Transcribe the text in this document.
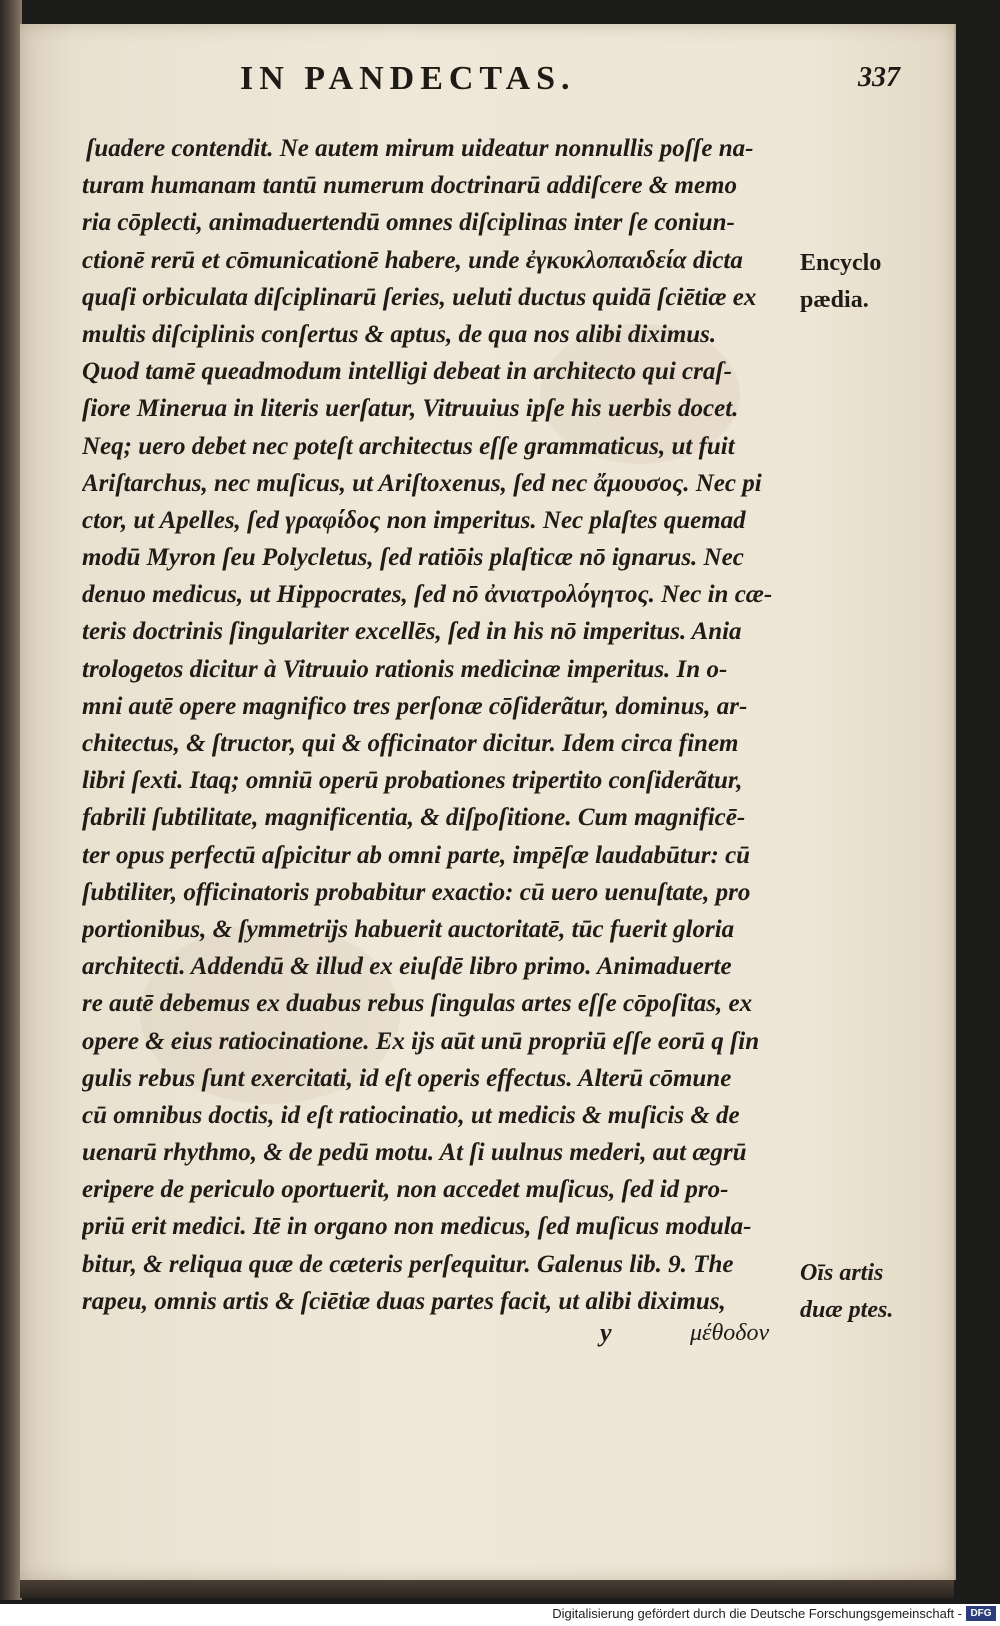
IN PANDECTAS.	337
ſuadere contendit. Ne autem mirum uideatur nonnullis poſſe na-
turam humanam tantū numerum doctrinarū addiſcere & memo
ria cōplecti, animaduertendū omnes diſciplinas inter ſe coniun-
ctionē rerū et cōmunicationē habere, unde ἐγκυκλοπαιδεία dicta
quaſi orbiculata diſciplinarū ſeries, ueluti ductus quidā ſciētiæ ex
multis diſciplinis conſertus & aptus, de qua nos alibi diximus.
Quod tamē queadmodum intelligi debeat in architecto qui craſ-
ſiore Minerua in literis uerſatur, Vitruuius ipſe his uerbis docet.
Neq; uero debet nec poteſt architectus eſſe grammaticus, ut fuit
Ariſtarchus, nec muſicus, ut Ariſtoxenus, ſed nec ἄμουσος. Nec pi
ctor, ut Apelles, ſed γραφίδος non imperitus. Nec plaſtes quemad
modū Myron ſeu Polycletus, ſed ratiōis plaſticæ nō ignarus. Nec
denuo medicus, ut Hippocrates, ſed nō ἀνιατρολόγητος. Nec in cæ-
teris doctrinis ſingulariter excellēs, ſed in his nō imperitus. Ania
trologetos dicitur à Vitruuio rationis medicinæ imperitus. In o-
mni autē opere magnifico tres perſonæ cōſiderãtur, dominus, ar-
chitectus, & ſtructor, qui & officinator dicitur. Idem circa finem
libri ſexti. Itaq; omniū operū probationes tripertito conſiderãtur,
fabrili ſubtilitate, magnificentia, & diſpoſitione. Cum magnificē-
ter opus perfectū aſpicitur ab omni parte, impēſæ laudabūtur: cū
ſubtiliter, officinatoris probabitur exactio: cū uero uenuſtate, pro
portionibus, & ſymmetrijs habuerit auctoritatē, tūc fuerit gloria
architecti. Addendū & illud ex eiuſdē libro primo. Animaduerte
re autē debemus ex duabus rebus ſingulas artes eſſe cōpoſitas, ex
opere & eius ratiocinatione. Ex ijs aūt unū propriū eſſe eorū q ſin
gulis rebus ſunt exercitati, id eſt operis effectus. Alterū cōmune
cū omnibus doctis, id eſt ratiocinatio, ut medicis & muſicis & de
uenarū rhythmo, & de pedū motu. At ſi uulnus mederi, aut ægrū
eripere de periculo oportuerit, non accedet muſicus, ſed id pro-
priū erit medici. Itē in organo non medicus, ſed muſicus modula-
bitur, & reliqua quæ de cæteris perſequitur. Galenus lib. 9. The
rapeu, omnis artis & ſciētiæ duas partes facit, ut alibi diximus,
Encyclo
pædia.
Oīs artis
duæ ptes.
y	μέθοδον
Digitalisierung gefördert durch die Deutsche Forschungsgemeinschaft - DFG
